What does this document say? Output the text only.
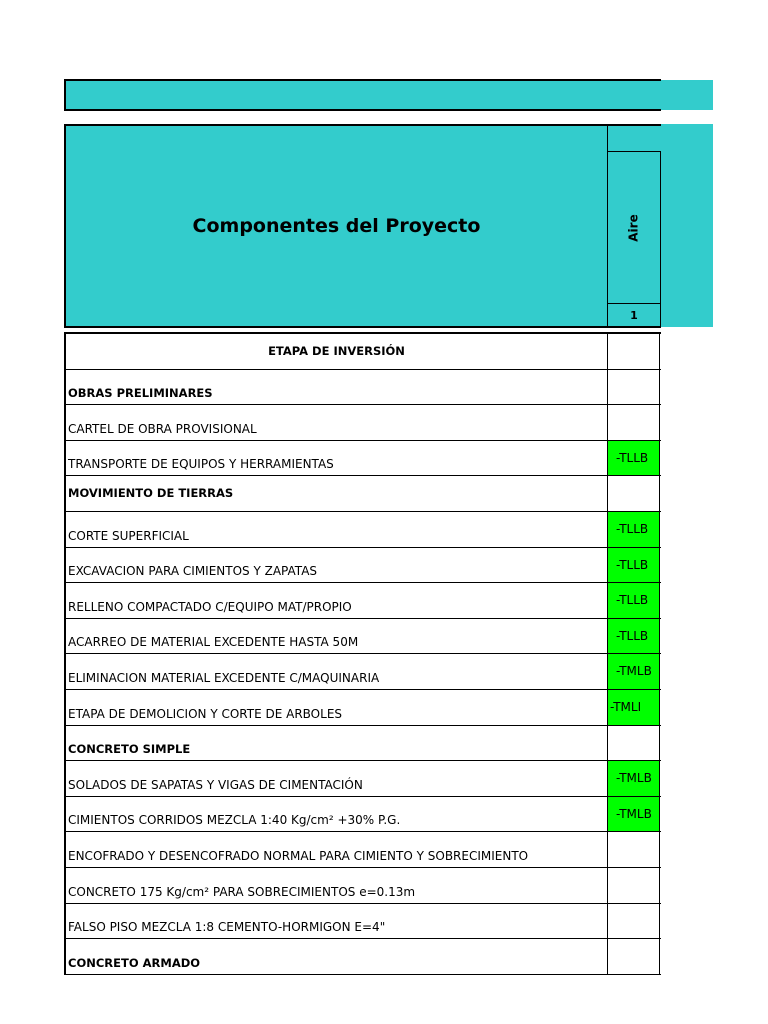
Componentes del Proyecto	Aire
1
ETAPA DE INVERSIÓN
OBRAS PRELIMINARES
CARTEL DE OBRA PROVISIONAL
TRANSPORTE DE EQUIPOS Y HERRAMIENTAS	-TLLB
MOVIMIENTO DE TIERRAS
CORTE SUPERFICIAL	-TLLB
EXCAVACION PARA CIMIENTOS Y ZAPATAS	-TLLB
RELLENO COMPACTADO C/EQUIPO MAT/PROPIO	-TLLB
ACARREO DE MATERIAL EXCEDENTE HASTA 50M	-TLLB
ELIMINACION MATERIAL EXCEDENTE C/MAQUINARIA	-TMLB
ETAPA DE DEMOLICION Y CORTE DE ARBOLES	-TMLI
CONCRETO SIMPLE
SOLADOS DE SAPATAS Y VIGAS DE CIMENTACIÓN	-TMLB
CIMIENTOS CORRIDOS MEZCLA 1:40 Kg/cm² +30% P.G.	-TMLB
ENCOFRADO Y DESENCOFRADO NORMAL PARA CIMIENTO Y SOBRECIMIENTO
CONCRETO 175 Kg/cm² PARA SOBRECIMIENTOS e=0.13m
FALSO PISO MEZCLA 1:8 CEMENTO-HORMIGON E=4"
CONCRETO ARMADO
